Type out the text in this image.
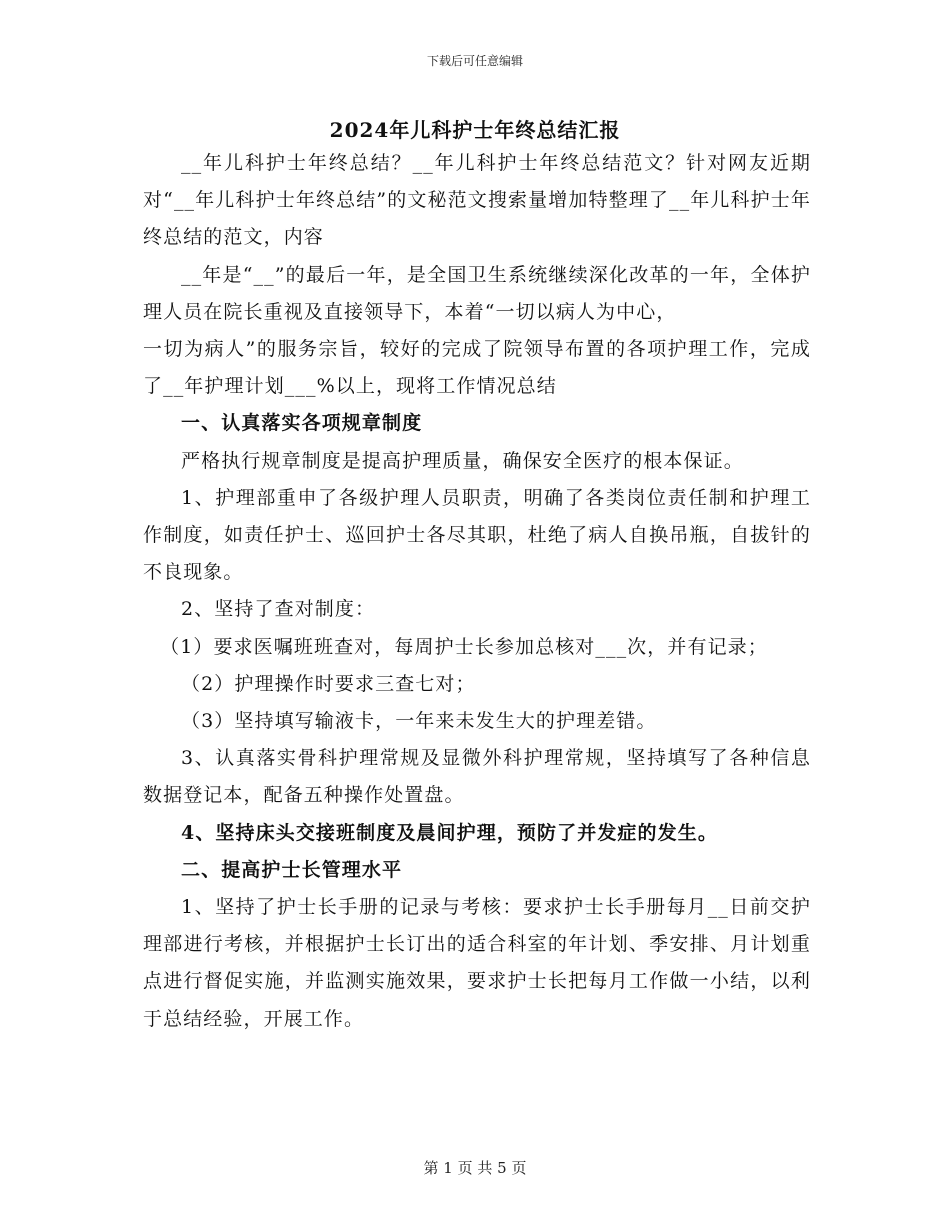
下载后可任意编辑
2024年儿科护士年终总结汇报

__年儿科护士年终总结？__年儿科护士年终总结范文？针对网友近期对“__年儿科护士年终总结”的文秘范文搜索量增加特整理了__年儿科护士年终总结的范文，内容

__年是“__”的最后一年，是全国卫生系统继续深化改革的一年，全体护理人员在院长重视及直接领导下，本着“一切以病人为中心，

一切为病人”的服务宗旨，较好的完成了院领导布置的各项护理工作，完成了__年护理计划___%以上，现将工作情况总结

一、认真落实各项规章制度

严格执行规章制度是提高护理质量，确保安全医疗的根本保证。

1、护理部重申了各级护理人员职责，明确了各类岗位责任制和护理工作制度，如责任护士、巡回护士各尽其职，杜绝了病人自换吊瓶，自拔针的不良现象。

2、坚持了查对制度：

（1）要求医嘱班班查对，每周护士长参加总核对___次，并有记录；

（2）护理操作时要求三查七对；

（3）坚持填写输液卡，一年来未发生大的护理差错。

3、认真落实骨科护理常规及显微外科护理常规，坚持填写了各种信息数据登记本，配备五种操作处置盘。

4、坚持床头交接班制度及晨间护理，预防了并发症的发生。

二、提高护士长管理水平

1、坚持了护士长手册的记录与考核：要求护士长手册每月__日前交护理部进行考核，并根据护士长订出的适合科室的年计划、季安排、月计划重点进行督促实施，并监测实施效果，要求护士长把每月工作做一小结，以利于总结经验，开展工作。

第 1 页 共 5 页
